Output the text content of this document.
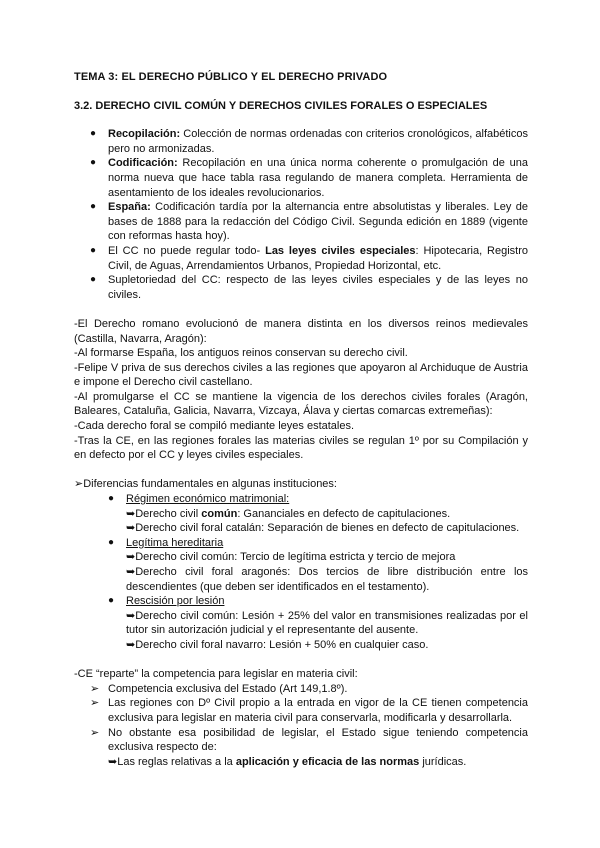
TEMA 3: EL DERECHO PÚBLICO Y EL DERECHO PRIVADO
3.2. DERECHO CIVIL COMÚN Y DERECHOS CIVILES FORALES O ESPECIALES
● Recopilación: Colección de normas ordenadas con criterios cronológicos, alfabéticos pero no armonizadas.
● Codificación: Recopilación en una única norma coherente o promulgación de una norma nueva que hace tabla rasa regulando de manera completa. Herramienta de asentamiento de los ideales revolucionarios.
● España: Codificación tardía por la alternancia entre absolutistas y liberales. Ley de bases de 1888 para la redacción del Código Civil. Segunda edición en 1889 (vigente con reformas hasta hoy).
● El CC no puede regular todo- Las leyes civiles especiales: Hipotecaria, Registro Civil, de Aguas, Arrendamientos Urbanos, Propiedad Horizontal, etc.
● Supletoriedad del CC: respecto de las leyes civiles especiales y de las leyes no civiles.

-El Derecho romano evolucionó de manera distinta en los diversos reinos medievales (Castilla, Navarra, Aragón):

-Al formarse España, los antiguos reinos conservan su derecho civil.

-Felipe V priva de sus derechos civiles a las regiones que apoyaron al Archiduque de Austria e impone el Derecho civil castellano.

-Al promulgarse el CC se mantiene la vigencia de los derechos civiles forales (Aragón, Baleares, Cataluña, Galicia, Navarra, Vizcaya, Álava y ciertas comarcas extremeñas):

-Cada derecho foral se compiló mediante leyes estatales.

-Tras la CE, en las regiones forales las materias civiles se regulan 1º por su Compilación y en defecto por el CC y leyes civiles especiales.

➢Diferencias fundamentales en algunas instituciones:
● Régimen económico matrimonial:
➥Derecho civil común: Gananciales en defecto de capitulaciones.
➥Derecho civil foral catalán: Separación de bienes en defecto de capitulaciones.
● Legítima hereditaria
➥Derecho civil común: Tercio de legítima estricta y tercio de mejora
➥Derecho civil foral aragonés: Dos tercios de libre distribución entre los descendientes (que deben ser identificados en el testamento).
● Rescisión por lesión
➥Derecho civil común: Lesión + 25% del valor en transmisiones realizadas por el tutor sin autorización judicial y el representante del ausente.
➥Derecho civil foral navarro: Lesión + 50% en cualquier caso.
-CE “reparte” la competencia para legislar en materia civil:
➢ Competencia exclusiva del Estado (Art 149,1.8º).
➢ Las regiones con Dº Civil propio a la entrada en vigor de la CE tienen competencia exclusiva para legislar en materia civil para conservarla, modificarla y desarrollarla.
➢ No obstante esa posibilidad de legislar, el Estado sigue teniendo competencia exclusiva respecto de:
➥Las reglas relativas a la aplicación y eficacia de las normas jurídicas.
